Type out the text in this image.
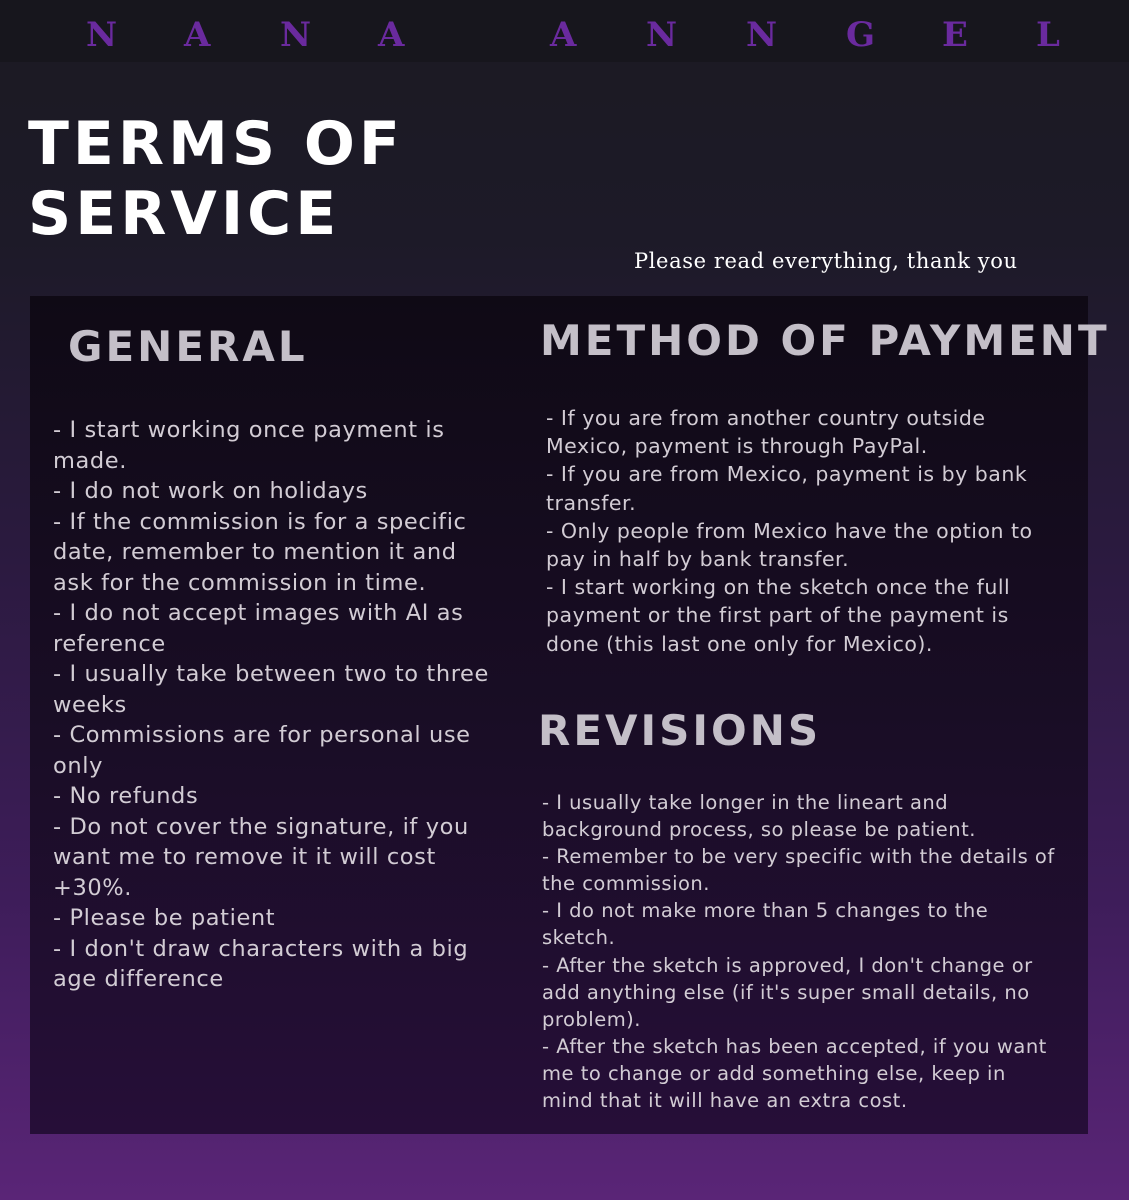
N A N A	A N N G E L
TERMS OF
SERVICE
Please read everything, thank you
GENERAL
- I start working once payment is made.
- I do not work on holidays
- If the commission is for a specific date, remember to mention it and ask for the commission in time.
- I do not accept images with AI as reference
- I usually take between two to three weeks
- Commissions are for personal use only
- No refunds
- Do not cover the signature, if you want me to remove it it will cost +30%.
- Please be patient
- I don't draw characters with a big age difference
METHOD OF PAYMENT
- If you are from another country outside Mexico, payment is through PayPal.
- If you are from Mexico, payment is by bank transfer.
- Only people from Mexico have the option to pay in half by bank transfer.
- I start working on the sketch once the full payment or the first part of the payment is done (this last one only for Mexico).
REVISIONS
- I usually take longer in the lineart and background process, so please be patient.
- Remember to be very specific with the details of the commission.
- I do not make more than 5 changes to the sketch.
- After the sketch is approved, I don't change or add anything else (if it's super small details, no problem).
- After the sketch has been accepted, if you want me to change or add something else, keep in mind that it will have an extra cost.
